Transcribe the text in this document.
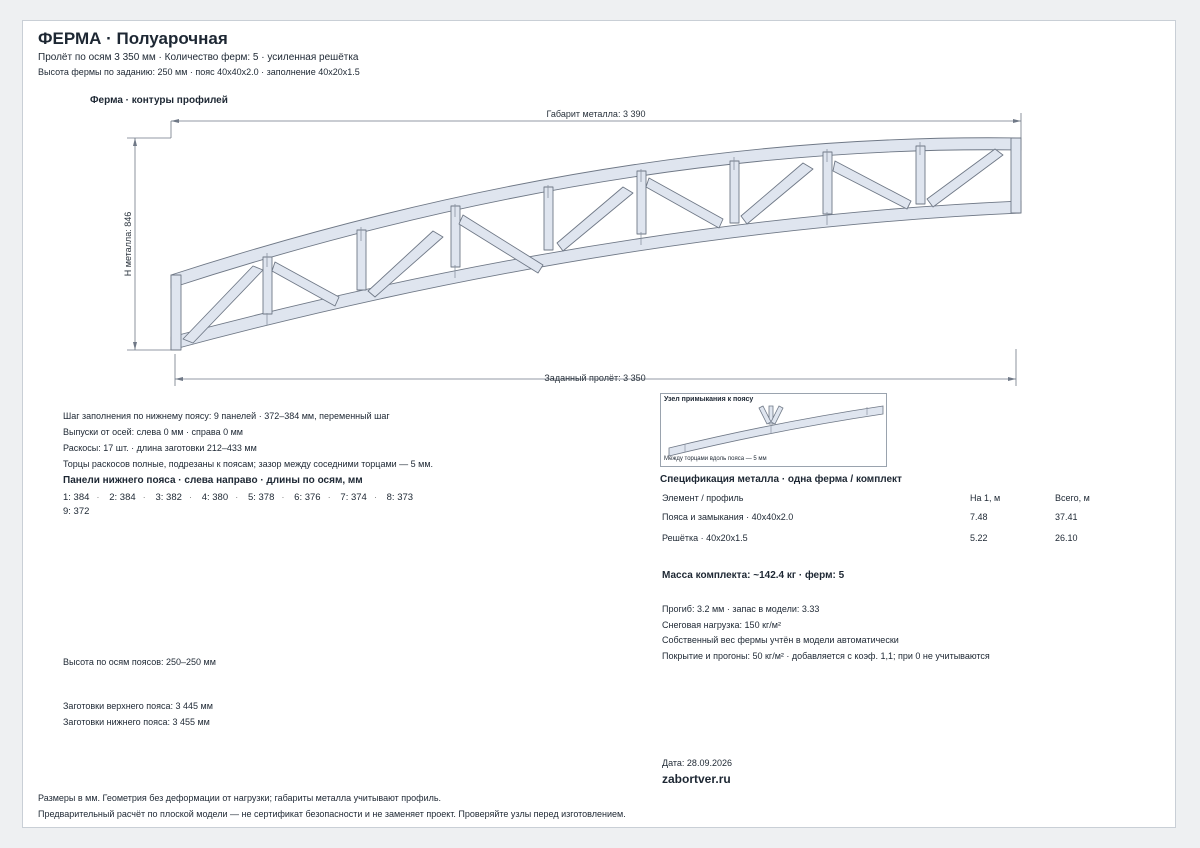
ФЕРМА · Полуарочная
Пролёт по осям 3 350 мм · Количество ферм: 5 · усиленная решётка
Высота фермы по заданию: 250 мм · пояс 40x40x2.0 · заполнение 40x20x1.5
Ферма · контуры профилей
Габарит металла: 3 390
Заданный пролёт: 3 350
Н металла: 846
Шаг заполнения по нижнему поясу: 9 панелей · 372–384 мм, переменный шаг
Выпуски от осей: слева 0 мм · справа 0 мм
Раскосы: 17 шт. · длина заготовки 212–433 мм
Торцы раскосов полные, подрезаны к поясам; зазор между соседними торцами — 5 мм.
Панели нижнего пояса · слева направо · длины по осям, мм
1: 384 · 2: 384 · 3: 382 · 4: 380 · 5: 378 · 6: 376 · 7: 374 · 8: 373
9: 372
Высота по осям поясов: 250–250 мм
Заготовки верхнего пояса: 3 445 мм
Заготовки нижнего пояса: 3 455 мм
Узел примыкания к поясу
Между торцами вдоль пояса — 5 мм
Спецификация металла · одна ферма / комплект
Элемент / профиль	На 1, м	Всего, м
Пояса и замыкания · 40x40x2.0	7.48	37.41
Решётка · 40x20x1.5	5.22	26.10
Масса комплекта: ~142.4 кг · ферм: 5
Прогиб: 3.2 мм · запас в модели: 3.33
Снеговая нагрузка: 150 кг/м²
Собственный вес фермы учтён в модели автоматически
Покрытие и прогоны: 50 кг/м² · добавляется с коэф. 1,1; при 0 не учитываются
Дата: 28.09.2026
zabortver.ru
Размеры в мм. Геометрия без деформации от нагрузки; габариты металла учитывают профиль.
Предварительный расчёт по плоской модели — не сертификат безопасности и не заменяет проект. Проверяйте узлы перед изготовлением.
